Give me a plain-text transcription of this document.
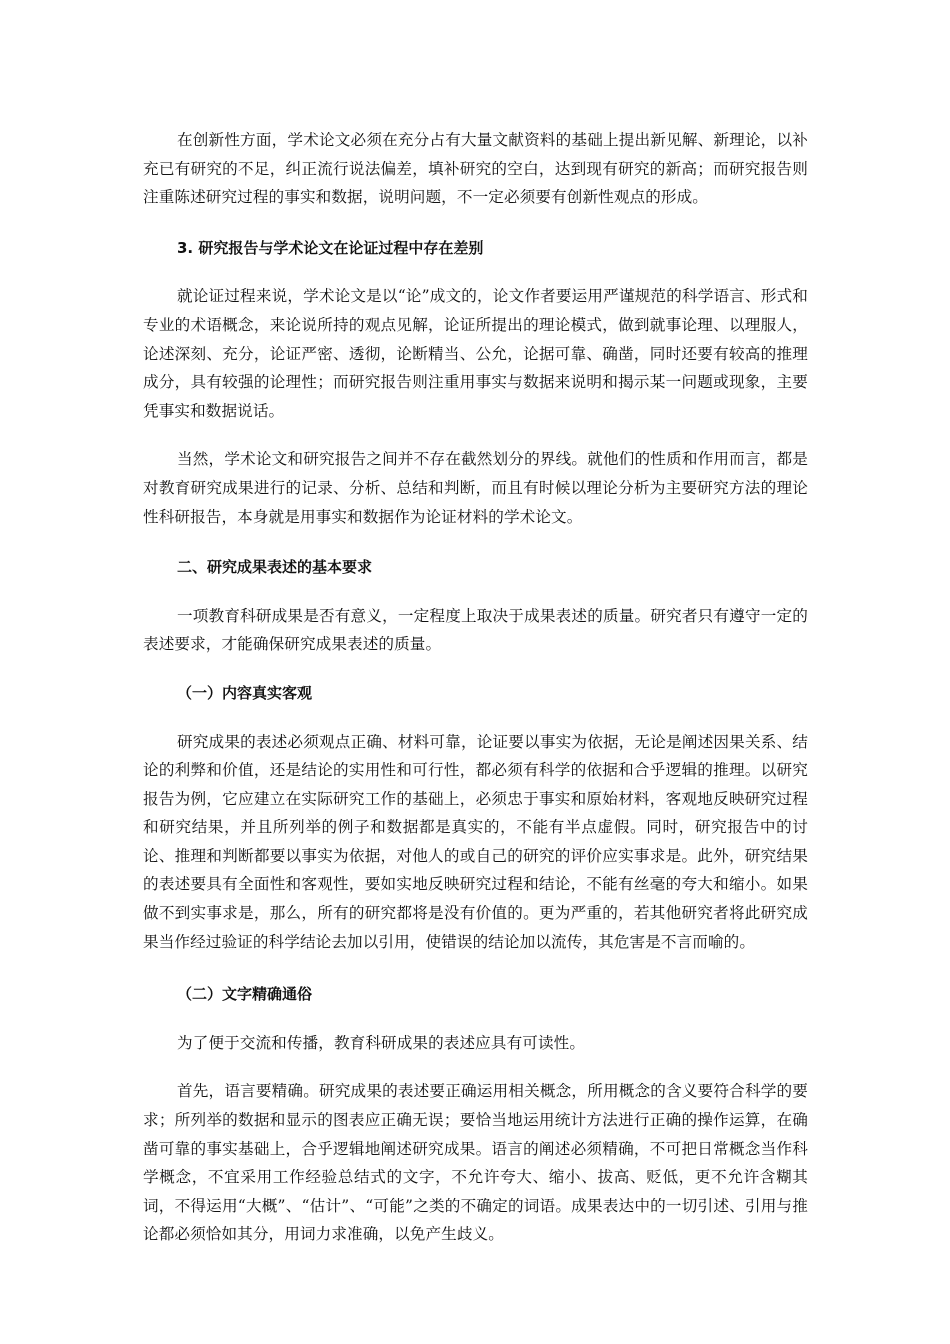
在创新性方面，学术论文必须在充分占有大量文献资料的基础上提出新见解、新理论，以补充已有研究的不足，纠正流行说法偏差，填补研究的空白，达到现有研究的新高；而研究报告则注重陈述研究过程的事实和数据，说明问题，不一定必须要有创新性观点的形成。

3. 研究报告与学术论文在论证过程中存在差别

就论证过程来说，学术论文是以“论”成文的，论文作者要运用严谨规范的科学语言、形式和专业的术语概念，来论说所持的观点见解，论证所提出的理论模式，做到就事论理、以理服人，论述深刻、充分，论证严密、透彻，论断精当、公允，论据可靠、确凿，同时还要有较高的推理成分，具有较强的论理性；而研究报告则注重用事实与数据来说明和揭示某一问题或现象，主要凭事实和数据说话。

当然，学术论文和研究报告之间并不存在截然划分的界线。就他们的性质和作用而言，都是对教育研究成果进行的记录、分析、总结和判断，而且有时候以理论分析为主要研究方法的理论性科研报告，本身就是用事实和数据作为论证材料的学术论文。

二、研究成果表述的基本要求

一项教育科研成果是否有意义，一定程度上取决于成果表述的质量。研究者只有遵守一定的表述要求，才能确保研究成果表述的质量。

（一）内容真实客观

研究成果的表述必须观点正确、材料可靠，论证要以事实为依据，无论是阐述因果关系、结论的利弊和价值，还是结论的实用性和可行性，都必须有科学的依据和合乎逻辑的推理。以研究报告为例，它应建立在实际研究工作的基础上，必须忠于事实和原始材料，客观地反映研究过程和研究结果，并且所列举的例子和数据都是真实的，不能有半点虚假。同时，研究报告中的讨论、推理和判断都要以事实为依据，对他人的或自己的研究的评价应实事求是。此外，研究结果的表述要具有全面性和客观性，要如实地反映研究过程和结论，不能有丝毫的夸大和缩小。如果做不到实事求是，那么，所有的研究都将是没有价值的。更为严重的，若其他研究者将此研究成果当作经过验证的科学结论去加以引用，使错误的结论加以流传，其危害是不言而喻的。

（二）文字精确通俗

为了便于交流和传播，教育科研成果的表述应具有可读性。

首先，语言要精确。研究成果的表述要正确运用相关概念，所用概念的含义要符合科学的要求；所列举的数据和显示的图表应正确无误；要恰当地运用统计方法进行正确的操作运算，在确凿可靠的事实基础上，合乎逻辑地阐述研究成果。语言的阐述必须精确，不可把日常概念当作科学概念，不宜采用工作经验总结式的文字，不允许夸大、缩小、拔高、贬低，更不允许含糊其词，不得运用“大概”、“估计”、“可能”之类的不确定的词语。成果表达中的一切引述、引用与推论都必须恰如其分，用词力求准确，以免产生歧义。
